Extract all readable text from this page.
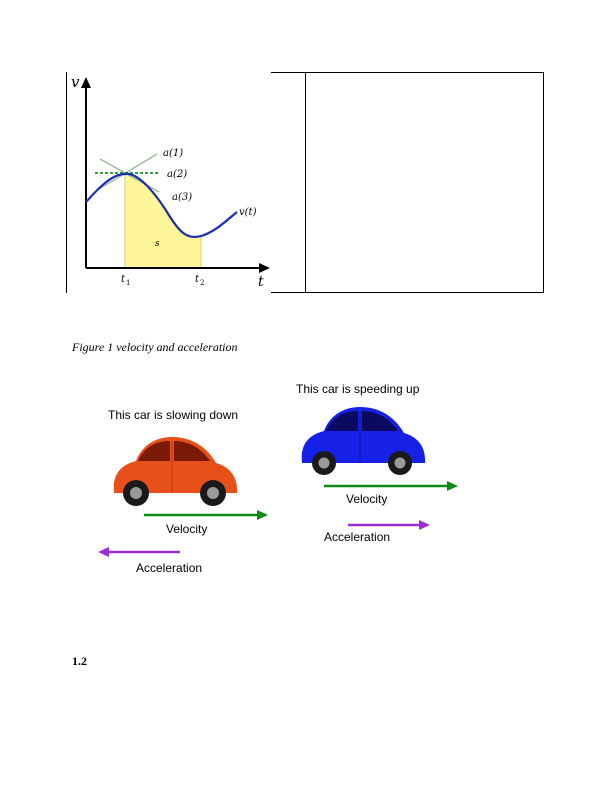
v
t
a(1)
a(2)
a(3)
v(t)
s
t 1	t 2
Figure 1 velocity and acceleration
This car is slowing down
Velocity
Acceleration
This car is speeding up
Velocity
Acceleration
1.2
